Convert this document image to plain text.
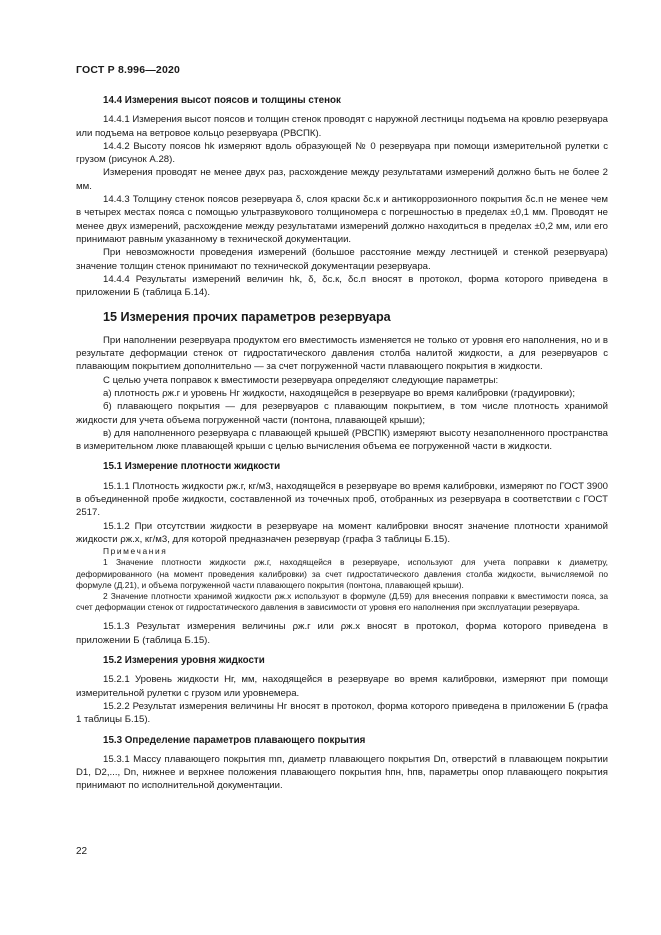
ГОСТ Р 8.996—2020
14.4 Измерения высот поясов и толщины стенок

14.4.1 Измерения высот поясов и толщин стенок проводят с наружной лестницы подъема на кровлю резервуара или подъема на ветровое кольцо резервуара (РВСПК).

14.4.2 Высоту поясов hk измеряют вдоль образующей № 0 резервуара при помощи измерительной рулетки с грузом (рисунок А.28).

Измерения проводят не менее двух раз, расхождение между результатами измерений должно быть не более 2 мм.

14.4.3 Толщину стенок поясов резервуара δ, слоя краски δс.к и антикоррозионного покрытия δс.п не менее чем в четырех местах пояса с помощью ультразвукового толщиномера с погрешностью в пределах ±0,1 мм. Проводят не менее двух измерений, расхождение между результатами измерений должно находиться в пределах ±0,2 мм, или его принимают равным указанному в технической документации.

При невозможности проведения измерений (большое расстояние между лестницей и стенкой резервуара) значение толщин стенок принимают по технической документации резервуара.

14.4.4 Результаты измерений величин hk, δ, δс.к, δс.п вносят в протокол, форма которого приведена в приложении Б (таблица Б.14).

15 Измерения прочих параметров резервуара

При наполнении резервуара продуктом его вместимость изменяется не только от уровня его наполнения, но и в результате деформации стенок от гидростатического давления столба налитой жидкости, а для резервуаров с плавающим покрытием дополнительно — за счет погруженной части плавающего покрытия в жидкости.

С целью учета поправок к вместимости резервуара определяют следующие параметры:

а) плотность ρж.г и уровень Hг жидкости, находящейся в резервуаре во время калибровки (градуировки);

б) плавающего покрытия — для резервуаров с плавающим покрытием, в том числе плотность хранимой жидкости для учета объема погруженной части (понтона, плавающей крыши);

в) для наполненного резервуара с плавающей крышей (РВСПК) измеряют высоту незаполненного пространства в измерительном люке плавающей крыши с целью вычисления объема ее погруженной части в жидкости.

15.1 Измерение плотности жидкости

15.1.1 Плотность жидкости ρж.г, кг/м3, находящейся в резервуаре во время калибровки, измеряют по ГОСТ 3900 в объединенной пробе жидкости, составленной из точечных проб, отобранных из резервуара в соответствии с ГОСТ 2517.

15.1.2 При отсутствии жидкости в резервуаре на момент калибровки вносят значение плотности хранимой жидкости ρж.х, кг/м3, для которой предназначен резервуар (графа 3 таблицы Б.15).

Примечания

1 Значение плотности жидкости ρж.г, находящейся в резервуаре, используют для учета поправки к диаметру, деформированного (на момент проведения калибровки) за счет гидростатического давления столба жидкости, вычисляемой по формуле (Д.21), и объема погруженной части плавающего покрытия (понтона, плавающей крыши).

2 Значение плотности хранимой жидкости ρж.х используют в формуле (Д.59) для внесения поправки к вместимости пояса, за счет деформации стенок от гидростатического давления в зависимости от уровня его наполнения при эксплуатации резервуара.

15.1.3 Результат измерения величины ρж.г или ρж.х вносят в протокол, форма которого приведена в приложении Б (таблица Б.15).

15.2 Измерения уровня жидкости

15.2.1 Уровень жидкости Hг, мм, находящейся в резервуаре во время калибровки, измеряют при помощи измерительной рулетки с грузом или уровнемера.

15.2.2 Результат измерения величины Hг вносят в протокол, форма которого приведена в приложении Б (графа 1 таблицы Б.15).

15.3 Определение параметров плавающего покрытия

15.3.1 Массу плавающего покрытия mп, диаметр плавающего покрытия Dп, отверстий в плавающем покрытии D1, D2,..., Dn, нижнее и верхнее положения плавающего покрытия hпн, hпв, параметры опор плавающего покрытия принимают по исполнительной документации.

22
